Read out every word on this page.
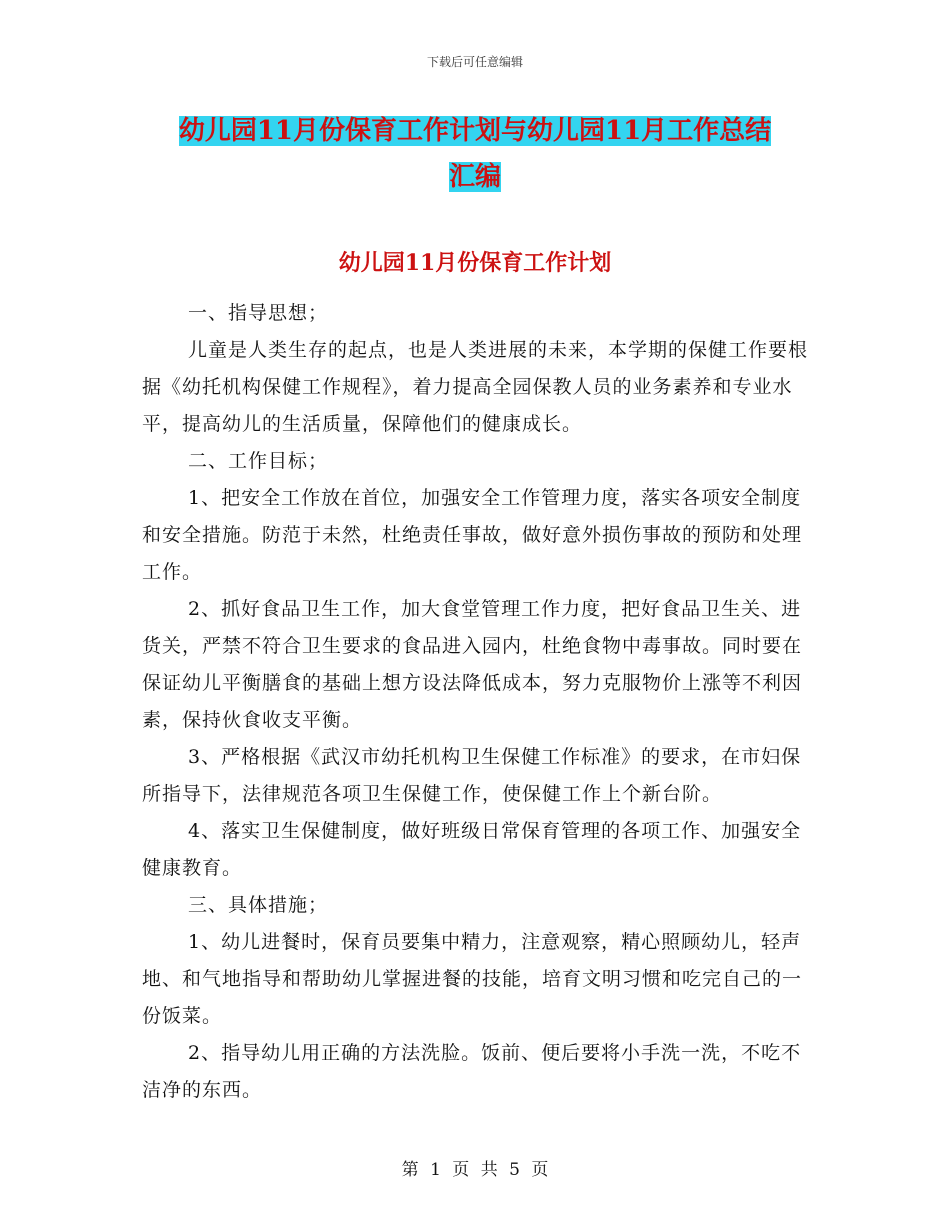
下载后可任意编辑
幼儿园11月份保育工作计划与幼儿园11月工作总结
汇编
幼儿园11月份保育工作计划

一、指导思想；

儿童是人类生存的起点，也是人类进展的未来，本学期的保健工作要根据《幼托机构保健工作规程》，着力提高全园保教人员的业务素养和专业水平，提高幼儿的生活质量，保障他们的健康成长。

二、工作目标；

1、把安全工作放在首位，加强安全工作管理力度，落实各项安全制度和安全措施。防范于未然，杜绝责任事故，做好意外损伤事故的预防和处理工作。

2、抓好食品卫生工作，加大食堂管理工作力度，把好食品卫生关、进货关，严禁不符合卫生要求的食品进入园内，杜绝食物中毒事故。同时要在保证幼儿平衡膳食的基础上想方设法降低成本，努力克服物价上涨等不利因素，保持伙食收支平衡。

3、严格根据《武汉市幼托机构卫生保健工作标准》的要求，在市妇保所指导下，法律规范各项卫生保健工作，使保健工作上个新台阶。

4、落实卫生保健制度，做好班级日常保育管理的各项工作、加强安全健康教育。

三、具体措施；

1、幼儿进餐时，保育员要集中精力，注意观察，精心照顾幼儿，轻声地、和气地指导和帮助幼儿掌握进餐的技能，培育文明习惯和吃完自己的一份饭菜。

2、指导幼儿用正确的方法洗脸。饭前、便后要将小手洗一洗，不吃不洁净的东西。

第 1 页 共 5 页
